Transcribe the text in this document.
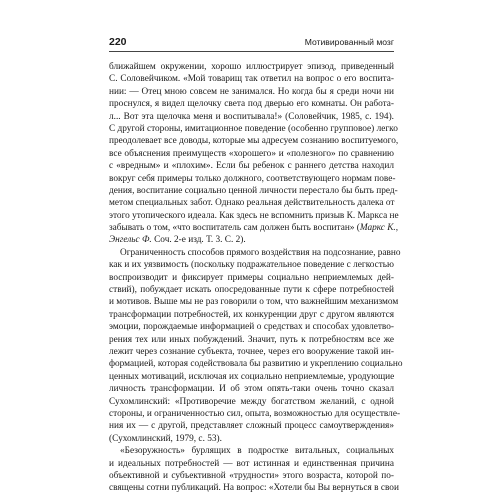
220	Мотивированный мозг
ближайшем окружении, хорошо иллюстрирует эпизод, приведенный
С. Соловейчиком. «Мой товарищ так ответил на вопрос о его воспита-
нии: — Отец мною совсем не занимался. Но когда бы я среди ночи ни
проснулся, я видел щелочку света под дверью его комнаты. Он работа-
л... Вот эта щелочка меня и воспитывала!» (Соловейчик, 1985, с. 194).
С другой стороны, имитационное поведение (особенно групповое) легко
преодолевает все доводы, которые мы адресуем сознанию воспитуемого,
все объяснения преимуществ «хорошего» и «полезного» по сравнению
с «вредным» и «плохим». Если бы ребенок с раннего детства находил
вокруг себя примеры только должного, соответствующего нормам пове-
дения, воспитание социально ценной личности перестало бы быть пред-
метом специальных забот. Однако реальная действительность далека от
этого утопического идеала. Как здесь не вспомнить призыв К. Маркса не
забывать о том, «что воспитатель сам должен быть воспитан» (Маркс К.,
Энгельс Ф. Соч. 2-е изд. Т. 3. С. 2).
Ограниченность способов прямого воздействия на подсознание, равно
как и их уязвимость (поскольку подражательное поведение с легкостью
воспроизводит и фиксирует примеры социально неприемлемых дей-
ствий), побуждает искать опосредованные пути к сфере потребностей
и мотивов. Выше мы не раз говорили о том, что важнейшим механизмом
трансформации потребностей, их конкуренции друг с другом являются
эмоции, порождаемые информацией о средствах и способах удовлетво-
рения тех или иных побуждений. Значит, путь к потребностям все же
лежит через сознание субъекта, точнее, через его вооружение такой ин-
формацией, которая содействовала бы развитию и укреплению социально
ценных мотиваций, исключая их социально неприемлемые, уродующие
личность трансформации. И об этом опять-таки очень точно сказал
Сухомлинский: «Противоречие между богатством желаний, с одной
стороны, и ограниченностью сил, опыта, возможностью для осуществле-
ния их — с другой, представляет сложный процесс самоутверждения»
(Сухомлинский, 1979, с. 53).
«Безоружность» бурлящих в подростке витальных, социальных
и идеальных потребностей — вот истинная и единственная причина
объективной и субъективной «трудности» этого возраста, которой по-
священы сотни публикаций. На вопрос: «Хотели бы Вы вернуться в свои
